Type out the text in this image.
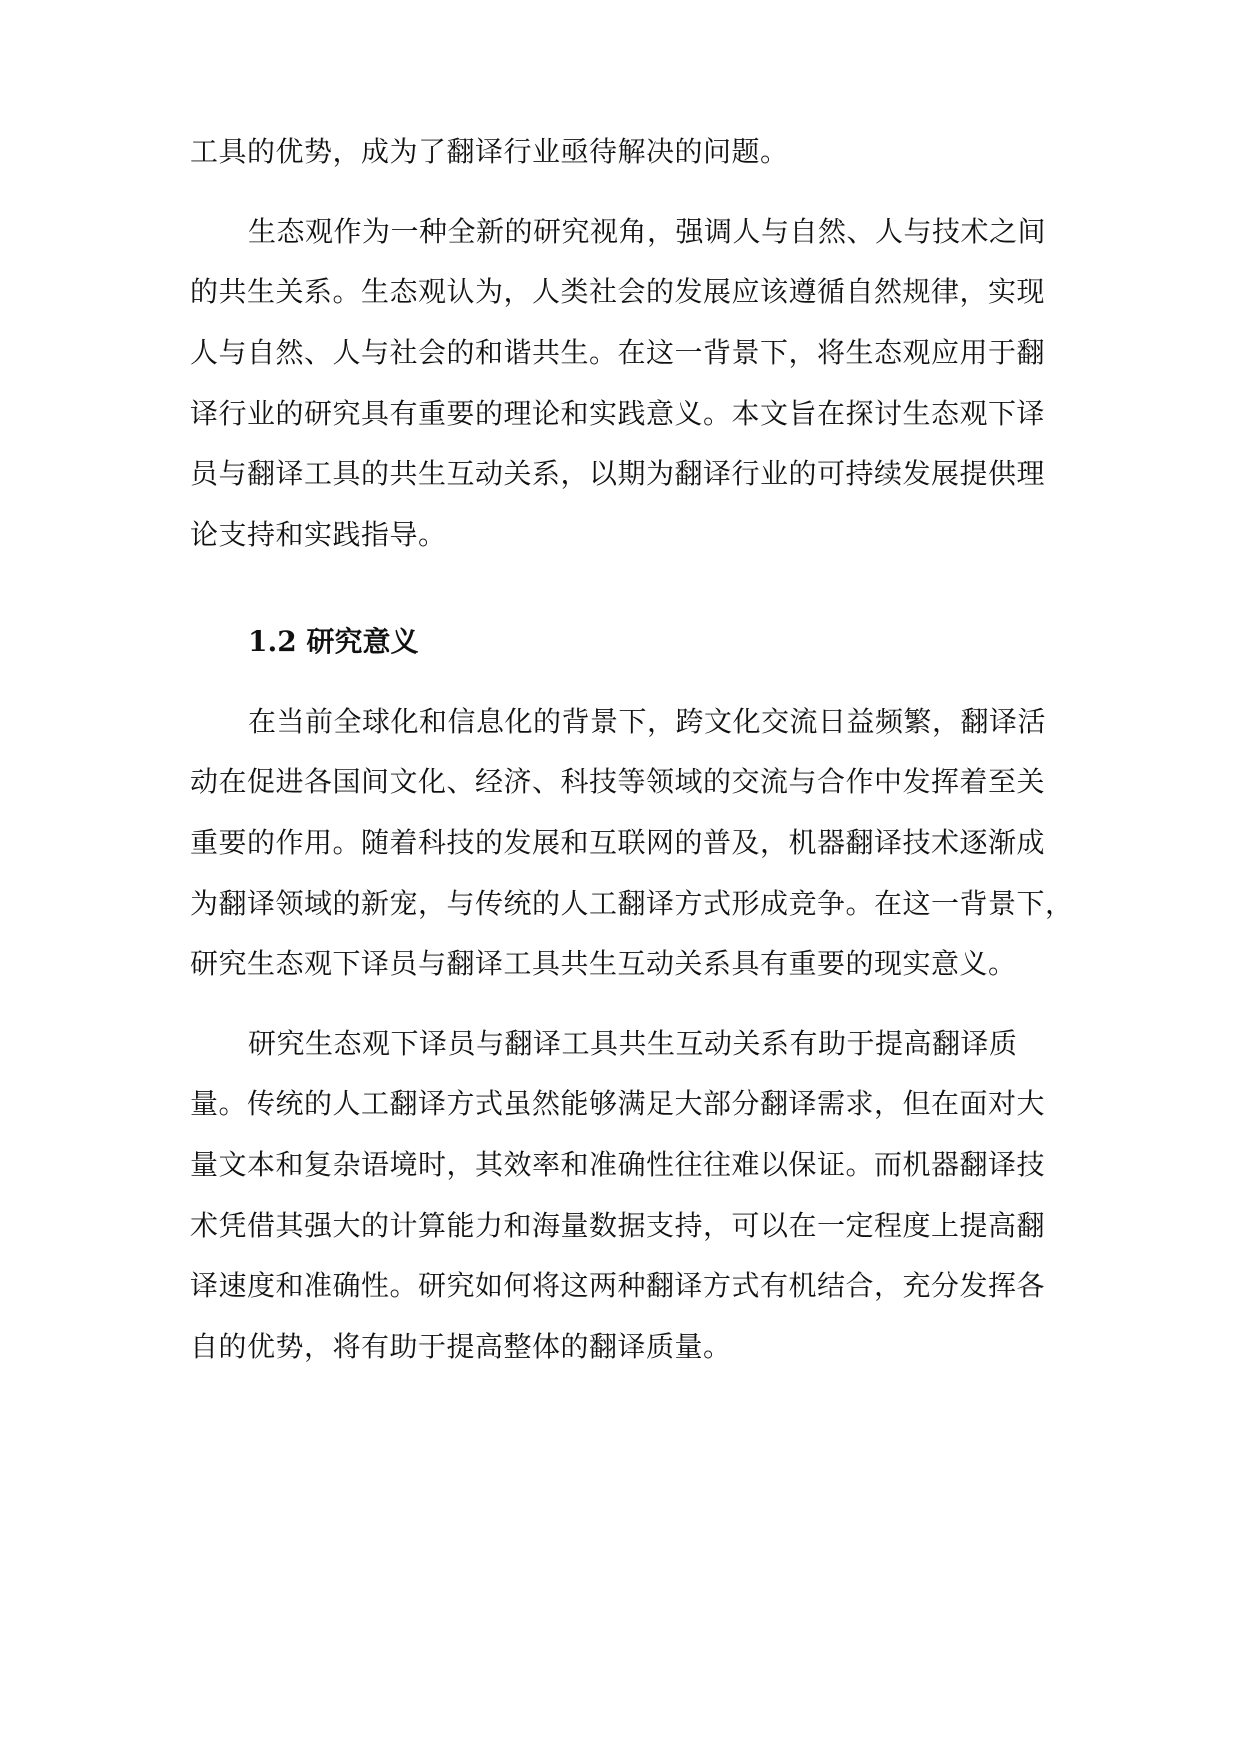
工具的优势，成为了翻译行业亟待解决的问题。
生态观作为一种全新的研究视角，强调人与自然、人与技术之间
的共生关系。生态观认为，人类社会的发展应该遵循自然规律，实现
人与自然、人与社会的和谐共生。在这一背景下，将生态观应用于翻
译行业的研究具有重要的理论和实践意义。本文旨在探讨生态观下译
员与翻译工具的共生互动关系，以期为翻译行业的可持续发展提供理
论支持和实践指导。
1.2 研究意义
在当前全球化和信息化的背景下，跨文化交流日益频繁，翻译活
动在促进各国间文化、经济、科技等领域的交流与合作中发挥着至关
重要的作用。随着科技的发展和互联网的普及，机器翻译技术逐渐成
为翻译领域的新宠，与传统的人工翻译方式形成竞争。在这一背景下，
研究生态观下译员与翻译工具共生互动关系具有重要的现实意义。
研究生态观下译员与翻译工具共生互动关系有助于提高翻译质
量。传统的人工翻译方式虽然能够满足大部分翻译需求，但在面对大
量文本和复杂语境时，其效率和准确性往往难以保证。而机器翻译技
术凭借其强大的计算能力和海量数据支持，可以在一定程度上提高翻
译速度和准确性。研究如何将这两种翻译方式有机结合，充分发挥各
自的优势，将有助于提高整体的翻译质量。
